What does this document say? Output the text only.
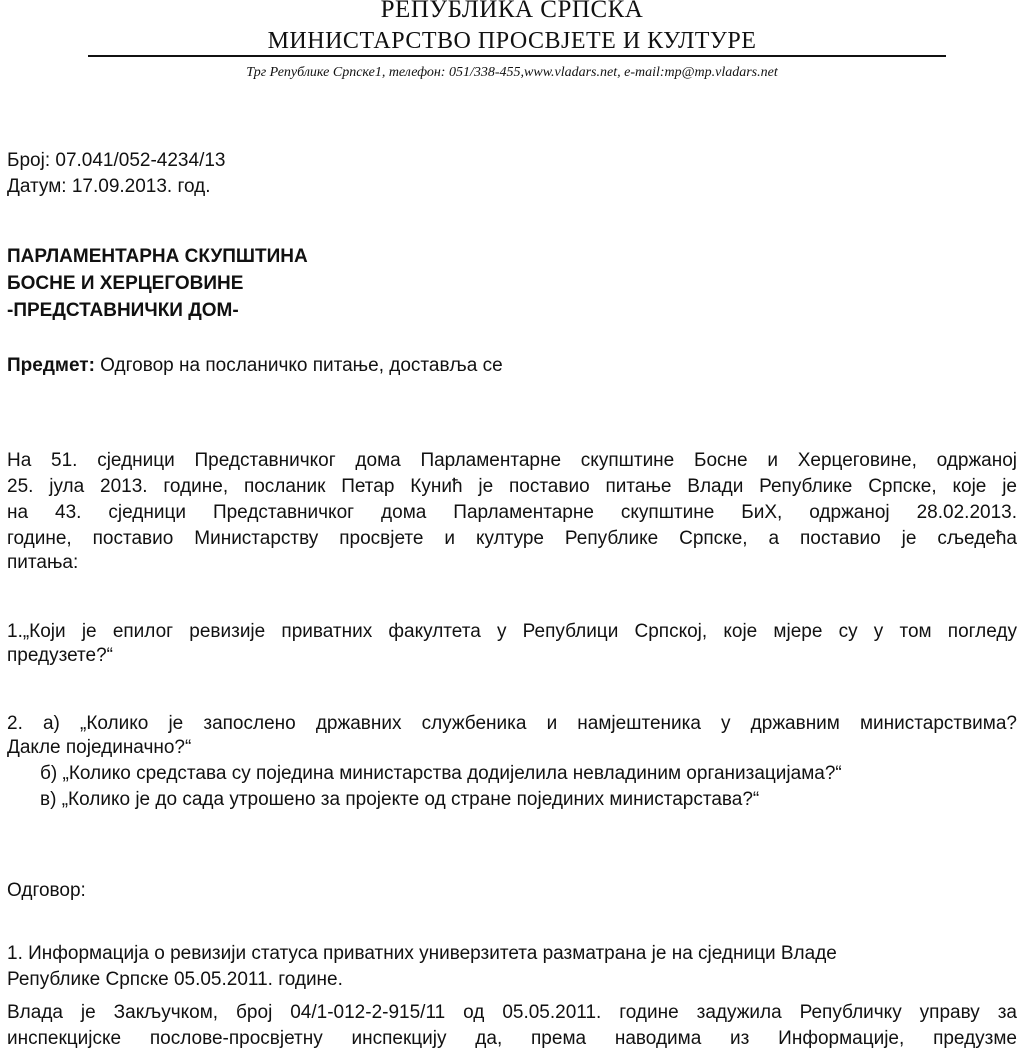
РЕПУБЛИКА СРПСКА
МИНИСТАРСТВО ПРОСВЈЕТЕ И КУЛТУРЕ
Трг Републике Српске1, телефон: 051/338-455,www.vladars.net, e-mail:mp@mp.vladars.net
Број: 07.041/052-4234/13
Датум: 17.09.2013. год.
ПАРЛАМЕНТАРНА СКУПШТИНА
БОСНЕ И ХЕРЦЕГОВИНЕ
-ПРЕДСТАВНИЧКИ ДОМ-
Предмет: Одговор на посланичко питање, доставља се
На 51. сједници Представничког дома Парламентарне скупштине Босне и Херцеговине, одржаној
25. јула 2013. године, посланик Петар Кунић је поставио питање Влади Републике Српске, које је
на 43. сједници Представничког дома Парламентарне скупштине БиХ, одржаној 28.02.2013.
године, поставио Министарству просвјете и културе Републике Српске, а поставио је сљедећа
питања:
1.„Који је епилог ревизије приватних факултета у Републици Српској, које мјере су у том погледу
предузете?“
2. а) „Колико је запослено државних службеника и намјештеника у државним министарствима?
Дакле појединачно?“
б) „Колико средстава су поједина министарства додијелила невладиним организацијама?“
в) „Колико је до сада утрошено за пројекте од стране појединих министарстава?“
Одговор:
1. Информација о ревизији статуса приватних универзитета разматрана је на сједници Владе
Републике Српске 05.05.2011. године.
Влада је Закључком, број 04/1-012-2-915/11 од 05.05.2011. године задужила Републичку управу за
инспекцијске послове-просвјетну инспекцију да, према наводима из Информације, предузме
